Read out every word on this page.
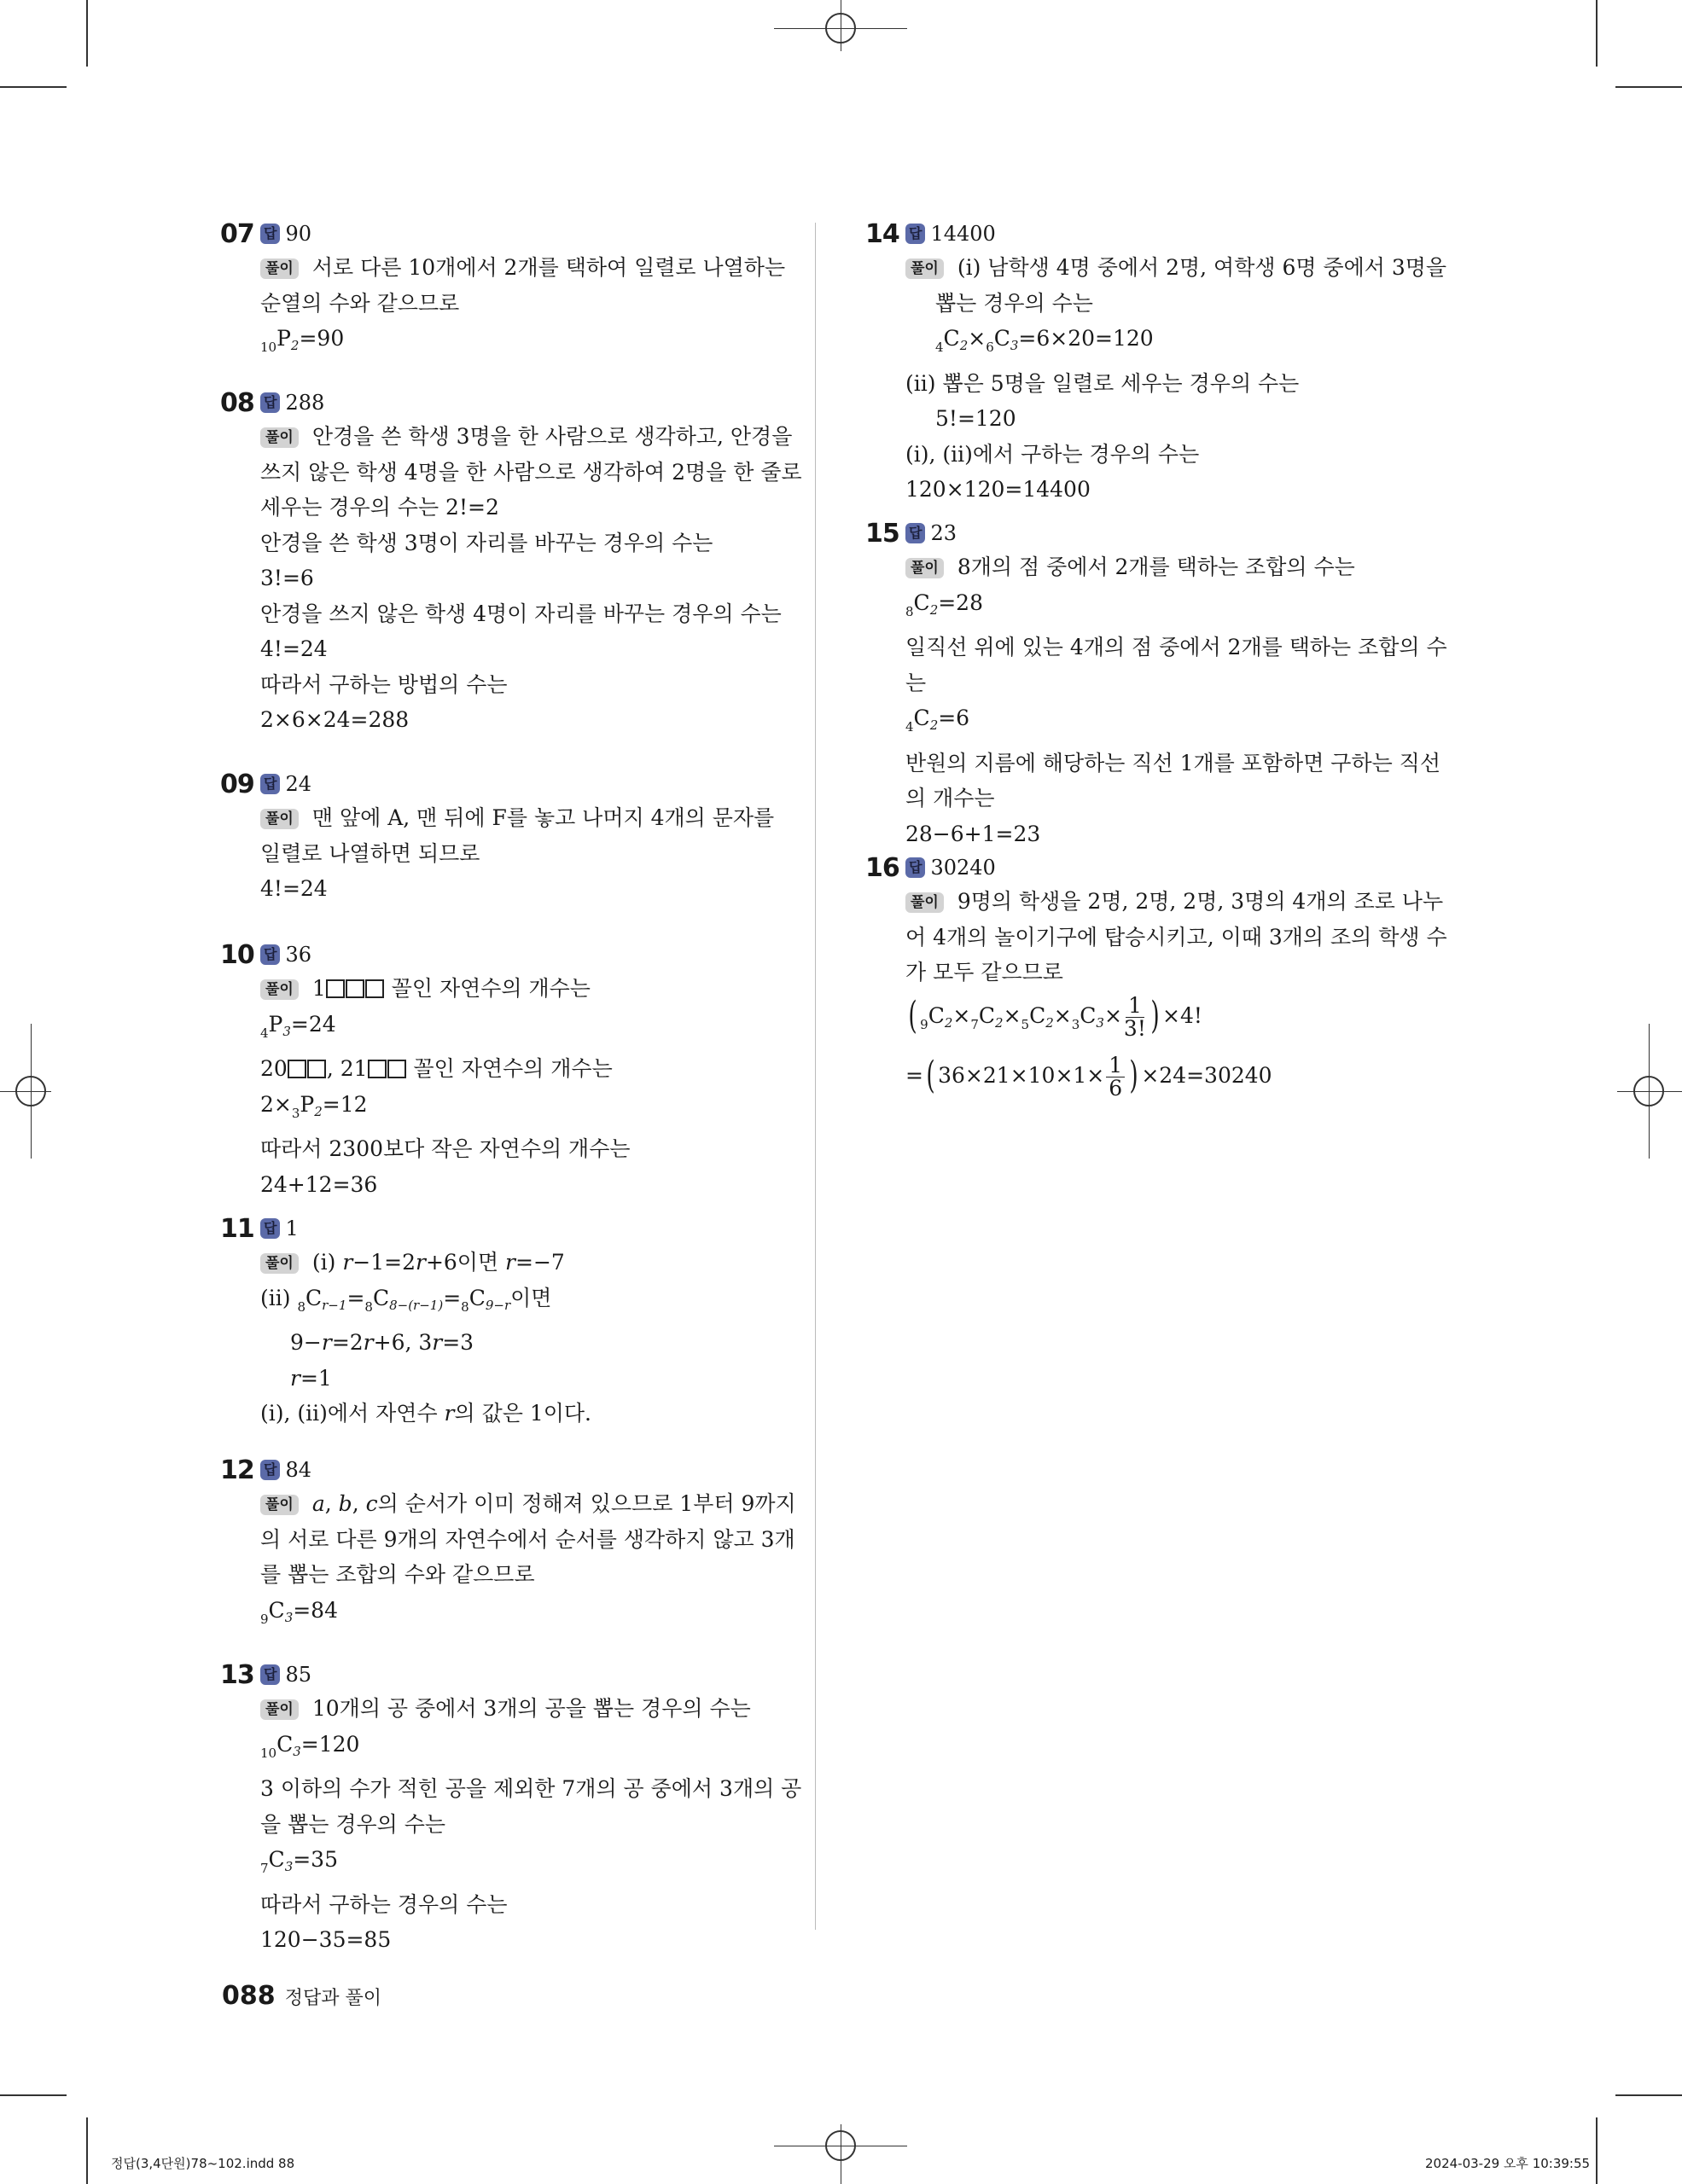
07 답 90
풀이 서로 다른 10개에서 2개를 택하여 일렬로 나열하는
순열의 수와 같으므로
$_{10}P_2=90$
08 답 288
풀이 안경을 쓴 학생 3명을 한 사람으로 생각하고, 안경을
쓰지 않은 학생 4명을 한 사람으로 생각하여 2명을 한 줄로
세우는 경우의 수는 2!=2
안경을 쓴 학생 3명이 자리를 바꾸는 경우의 수는
3!=6
안경을 쓰지 않은 학생 4명이 자리를 바꾸는 경우의 수는
4!=24
따라서 구하는 방법의 수는
2×6×24=288
09 답 24
풀이 맨 앞에 A, 맨 뒤에 F를 놓고 나머지 4개의 문자를
일렬로 나열하면 되므로
4!=24
10 답 36
풀이 1	꼴인 자연수의 개수는
$_4P_3=24$
20 , 21 꼴인 자연수의 개수는
$2\times_3P_2=12$
따라서 2300보다 작은 자연수의 개수는
24+12=36
11 답 1
풀이 (i) r−1=2r+6이면 r=−7
(ii) $_8C_{r-1}=_8C_{8-(r-1)}=_8C_{9-r}$이면
9−r=2r+6, 3r=3
r=1
(i), (ii)에서 자연수 r의 값은 1이다.
12 답 84
풀이 a, b, c의 순서가 이미 정해져 있으므로 1부터 9까지
의 서로 다른 9개의 자연수에서 순서를 생각하지 않고 3개
를 뽑는 조합의 수와 같으므로
$_9C_3=84$
13 답 85
풀이 10개의 공 중에서 3개의 공을 뽑는 경우의 수는
$_{10}C_3=120$
3 이하의 수가 적힌 공을 제외한 7개의 공 중에서 3개의 공
을 뽑는 경우의 수는
$_7C_3=35$
따라서 구하는 경우의 수는
120−35=85
14 답 14400
풀이 (i) 남학생 4명 중에서 2명, 여학생 6명 중에서 3명을
뽑는 경우의 수는
$_4C_2\times_6C_3=6\times 20=120$
(ii) 뽑은 5명을 일렬로 세우는 경우의 수는
5!=120
(i), (ii)에서 구하는 경우의 수는
120×120=14400
15 답 23
풀이 8개의 점 중에서 2개를 택하는 조합의 수는
$_8C_2=28$
일직선 위에 있는 4개의 점 중에서 2개를 택하는 조합의 수
는
$_4C_2=6$
반원의 지름에 해당하는 직선 1개를 포함하면 구하는 직선
의 개수는
28−6+1=23
16 답 30240
풀이 9명의 학생을 2명, 2명, 2명, 3명의 4개의 조로 나누
어 4개의 놀이기구에 탑승시키고, 이때 3개의 조의 학생 수
가 모두 같으므로
( $_9C_2\times_7C_2\times_5C_2\times_3C_3\times \frac{1}{3!}$ ) ×4!
=( $36\times 21\times 10\times 1\times \frac{1}{6}$ ) ×24=30240
088 정답과 풀이
정답(3,4단원)78~102.indd 88	2024-03-29 오후 10:39:55
